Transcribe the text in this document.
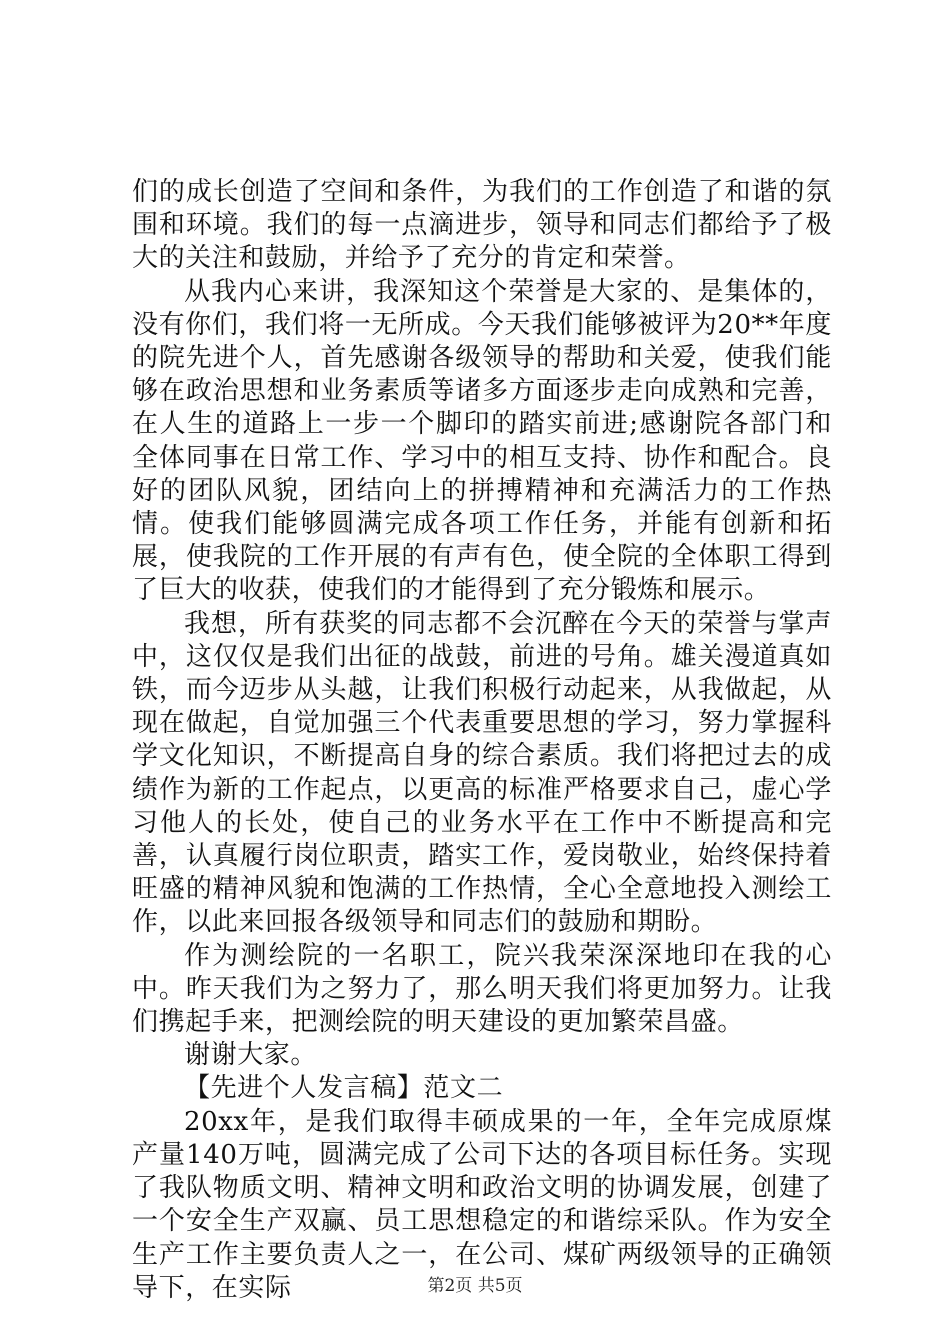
们的成长创造了空间和条件，为我们的工作创造了和谐的氛围和环境。我们的每一点滴进步，领导和同志们都给予了极大的关注和鼓励，并给予了充分的肯定和荣誉。

从我内心来讲，我深知这个荣誉是大家的、是集体的，没有你们，我们将一无所成。今天我们能够被评为20**年度的院先进个人，首先感谢各级领导的帮助和关爱，使我们能够在政治思想和业务素质等诸多方面逐步走向成熟和完善，在人生的道路上一步一个脚印的踏实前进;感谢院各部门和全体同事在日常工作、学习中的相互支持、协作和配合。良好的团队风貌，团结向上的拼搏精神和充满活力的工作热情。使我们能够圆满完成各项工作任务，并能有创新和拓展，使我院的工作开展的有声有色，使全院的全体职工得到了巨大的收获，使我们的才能得到了充分锻炼和展示。

我想，所有获奖的同志都不会沉醉在今天的荣誉与掌声中，这仅仅是我们出征的战鼓，前进的号角。雄关漫道真如铁，而今迈步从头越，让我们积极行动起来，从我做起，从现在做起，自觉加强三个代表重要思想的学习，努力掌握科学文化知识，不断提高自身的综合素质。我们将把过去的成绩作为新的工作起点，以更高的标准严格要求自己，虚心学习他人的长处，使自己的业务水平在工作中不断提高和完善，认真履行岗位职责，踏实工作，爱岗敬业，始终保持着旺盛的精神风貌和饱满的工作热情，全心全意地投入测绘工作，以此来回报各级领导和同志们的鼓励和期盼。

作为测绘院的一名职工，院兴我荣深深地印在我的心中。昨天我们为之努力了，那么明天我们将更加努力。让我们携起手来，把测绘院的明天建设的更加繁荣昌盛。

谢谢大家。

【先进个人发言稿】范文二

20xx年，是我们取得丰硕成果的一年，全年完成原煤产量140万吨，圆满完成了公司下达的各项目标任务。实现了我队物质文明、精神文明和政治文明的协调发展，创建了一个安全生产双赢、员工思想稳定的和谐综采队。作为安全生产工作主要负责人之一，在公司、煤矿两级领导的正确领导下，在实际	第2页 共5页
